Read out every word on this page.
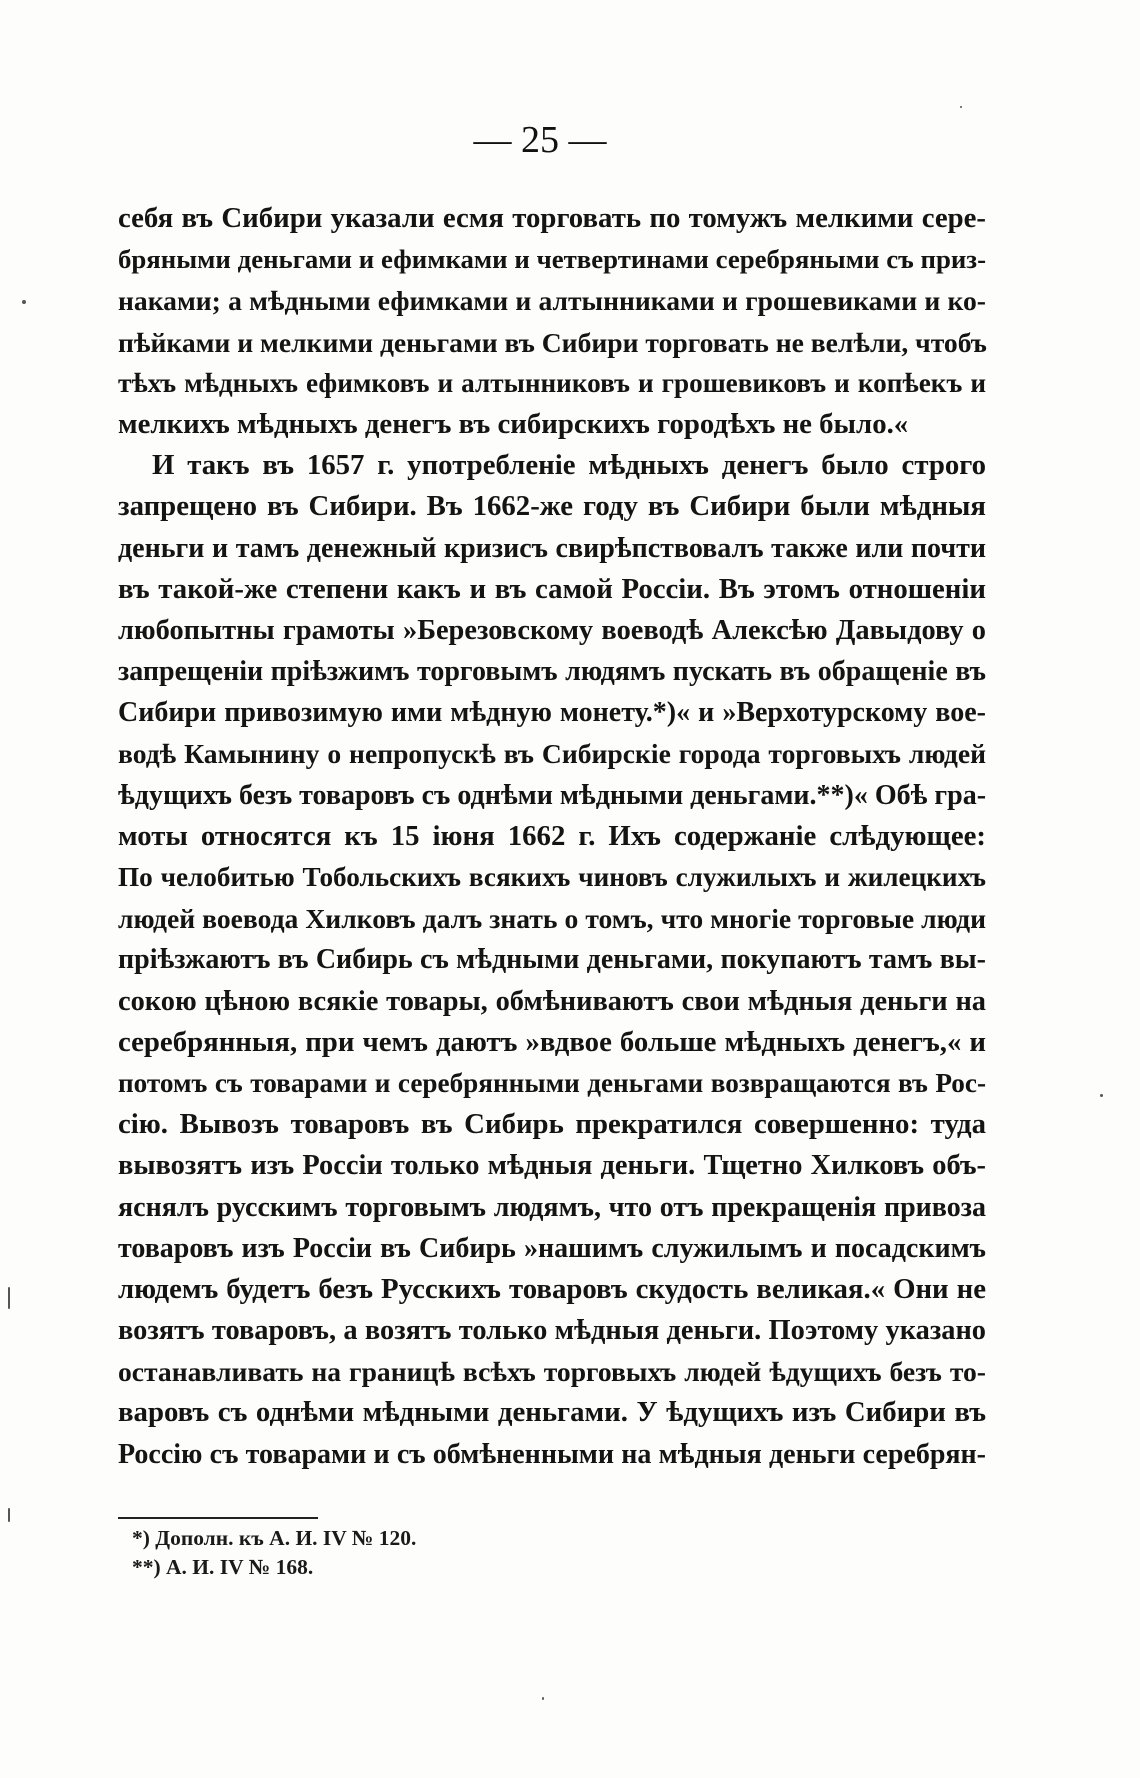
— 25 —
себя въ Сибири указали есмя торговать по томужъ мелкими сере-
бряными деньгами и ефимками и четвертинами серебряными съ приз-
наками; а мѣдными ефимками и алтынниками и грошевиками и ко-
пѣйками и мелкими деньгами въ Сибири торговать не велѣли, чтобъ
тѣхъ мѣдныхъ ефимковъ и алтынниковъ и грошевиковъ и копѣекъ и
мелкихъ мѣдныхъ денегъ въ сибирскихъ городѣхъ не было.«
И такъ въ 1657 г. употребленіе мѣдныхъ денегъ было строго
запрещено въ Сибири. Въ 1662-же году въ Сибири были мѣдныя
деньги и тамъ денежный кризисъ свирѣпствовалъ также или почти
въ такой-же степени какъ и въ самой Россіи. Въ этомъ отношеніи
любопытны грамоты »Березовскому воеводѣ Алексѣю Давыдову о
запрещеніи пріѣзжимъ торговымъ людямъ пускать въ обращеніе въ
Сибири привозимую ими мѣдную монету.*)« и »Верхотурскому вое-
водѣ Камынину о непропускѣ въ Сибирскіе города торговыхъ людей
ѣдущихъ безъ товаровъ съ однѣми мѣдными деньгами.**)« Обѣ гра-
моты относятся къ 15 іюня 1662 г. Ихъ содержаніе слѣдующее:
По челобитью Тобольскихъ всякихъ чиновъ служилыхъ и жилецкихъ
людей воевода Хилковъ далъ знать о томъ, что многіе торговые люди
пріѣзжаютъ въ Сибирь съ мѣдными деньгами, покупаютъ тамъ вы-
сокою цѣною всякіе товары, обмѣниваютъ свои мѣдныя деньги на
серебрянныя, при чемъ даютъ »вдвое больше мѣдныхъ денегъ,« и
потомъ съ товарами и серебрянными деньгами возвращаются въ Рос-
сію. Вывозъ товаровъ въ Сибирь прекратился совершенно: туда
вывозятъ изъ Россіи только мѣдныя деньги. Тщетно Хилковъ объ-
яснялъ русскимъ торговымъ людямъ, что отъ прекращенія привоза
товаровъ изъ Россіи въ Сибирь »нашимъ служилымъ и посадскимъ
людемъ будетъ безъ Русскихъ товаровъ скудость великая.« Они не
возятъ товаровъ, а возятъ только мѣдныя деньги. Поэтому указано
останавливать на границѣ всѣхъ торговыхъ людей ѣдущихъ безъ то-
варовъ съ однѣми мѣдными деньгами. У ѣдущихъ изъ Сибири въ
Россію съ товарами и съ обмѣненными на мѣдныя деньги серебрян-
*) Дополн. къ А. И. IV № 120.
**) А. И. IV № 168.
